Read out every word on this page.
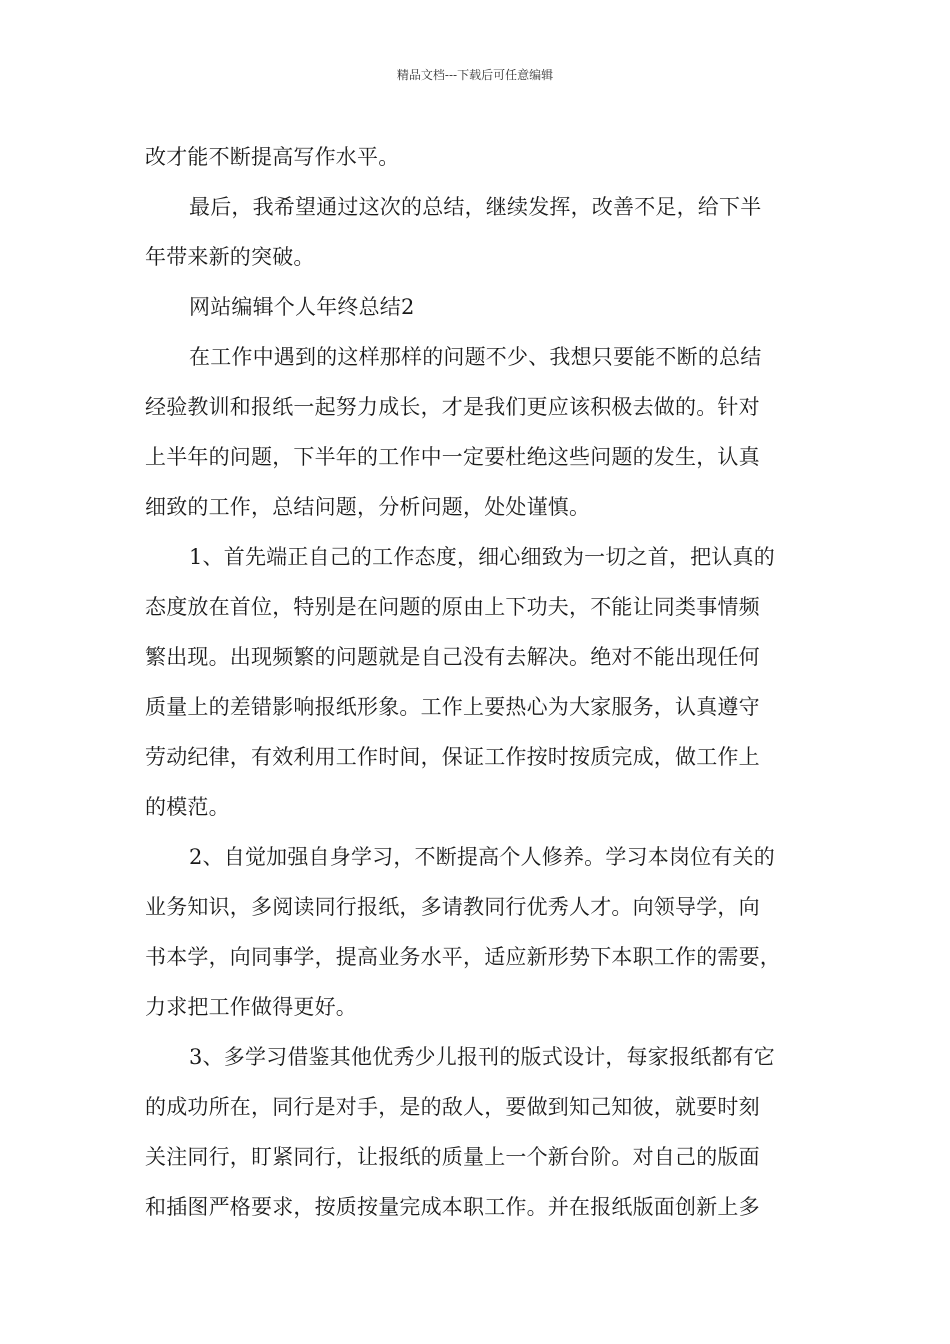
精品文档---下载后可任意编辑
改才能不断提高写作水平。
最后，我希望通过这次的总结，继续发挥，改善不足，给下半
年带来新的突破。
网站编辑个人年终总结2
在工作中遇到的这样那样的问题不少、我想只要能不断的总结
经验教训和报纸一起努力成长，才是我们更应该积极去做的。针对
上半年的问题，下半年的工作中一定要杜绝这些问题的发生，认真
细致的工作，总结问题，分析问题，处处谨慎。
1、首先端正自己的工作态度，细心细致为一切之首，把认真的
态度放在首位，特别是在问题的原由上下功夫，不能让同类事情频
繁出现。出现频繁的问题就是自己没有去解决。绝对不能出现任何
质量上的差错影响报纸形象。工作上要热心为大家服务，认真遵守
劳动纪律，有效利用工作时间，保证工作按时按质完成，做工作上
的模范。
2、自觉加强自身学习，不断提高个人修养。学习本岗位有关的
业务知识，多阅读同行报纸，多请教同行优秀人才。向领导学，向
书本学，向同事学，提高业务水平，适应新形势下本职工作的需要，
力求把工作做得更好。
3、多学习借鉴其他优秀少儿报刊的版式设计，每家报纸都有它
的成功所在，同行是对手，是的敌人，要做到知己知彼，就要时刻
关注同行，盯紧同行，让报纸的质量上一个新台阶。对自己的版面
和插图严格要求，按质按量完成本职工作。并在报纸版面创新上多
